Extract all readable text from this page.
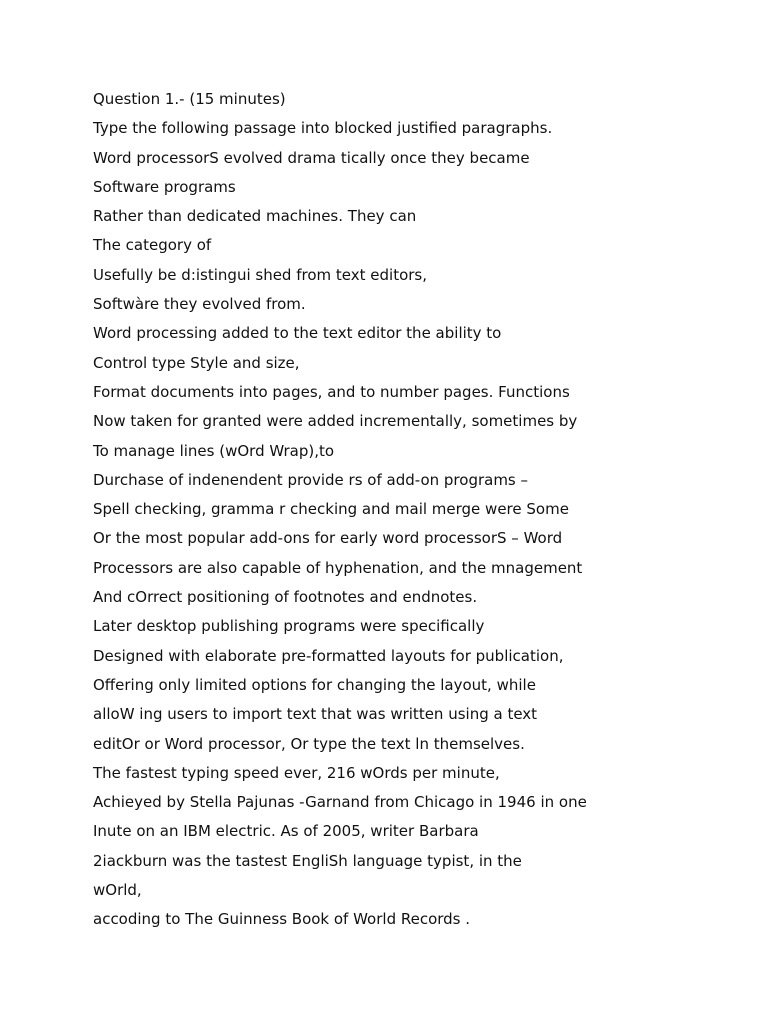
Question 1.- (15 minutes)

Type the following passage into blocked justified paragraphs.

Word processorS evolved drama tically once they became

Software programs

Rather than dedicated machines. They can

The category of

Usefully be d:istingui shed from text editors,

Softwàre they evolved from.

Word processing added to the text editor the ability to

Control type Style and size,

Format documents into pages, and to number pages. Functions

Now taken for granted were added incrementally, sometimes by

To manage lines (wOrd Wrap),to

Durchase of indenendent provide rs of add-on programs –

Spell checking, gramma r checking and mail merge were Some

Or the most popular add-ons for early word processorS – Word

Processors are also capable of hyphenation, and the mnagement

And cOrrect positioning of footnotes and endnotes.

Later desktop publishing programs were specifically

Designed with elaborate pre-formatted layouts for publication,

Offering only limited options for changing the layout, while

alloW ing users to import text that was written using a text

editOr or Word processor, Or type the text ln themselves.

The fastest typing speed ever, 216 wOrds per minute,

Achieyed by Stella Pajunas -Garnand from Chicago in 1946 in one

Inute on an IBM electric. As of 2005, writer Barbara

2iackburn was the tastest EngliSh language typist, in the

wOrld,

accoding to The Guinness Book of World Records .
